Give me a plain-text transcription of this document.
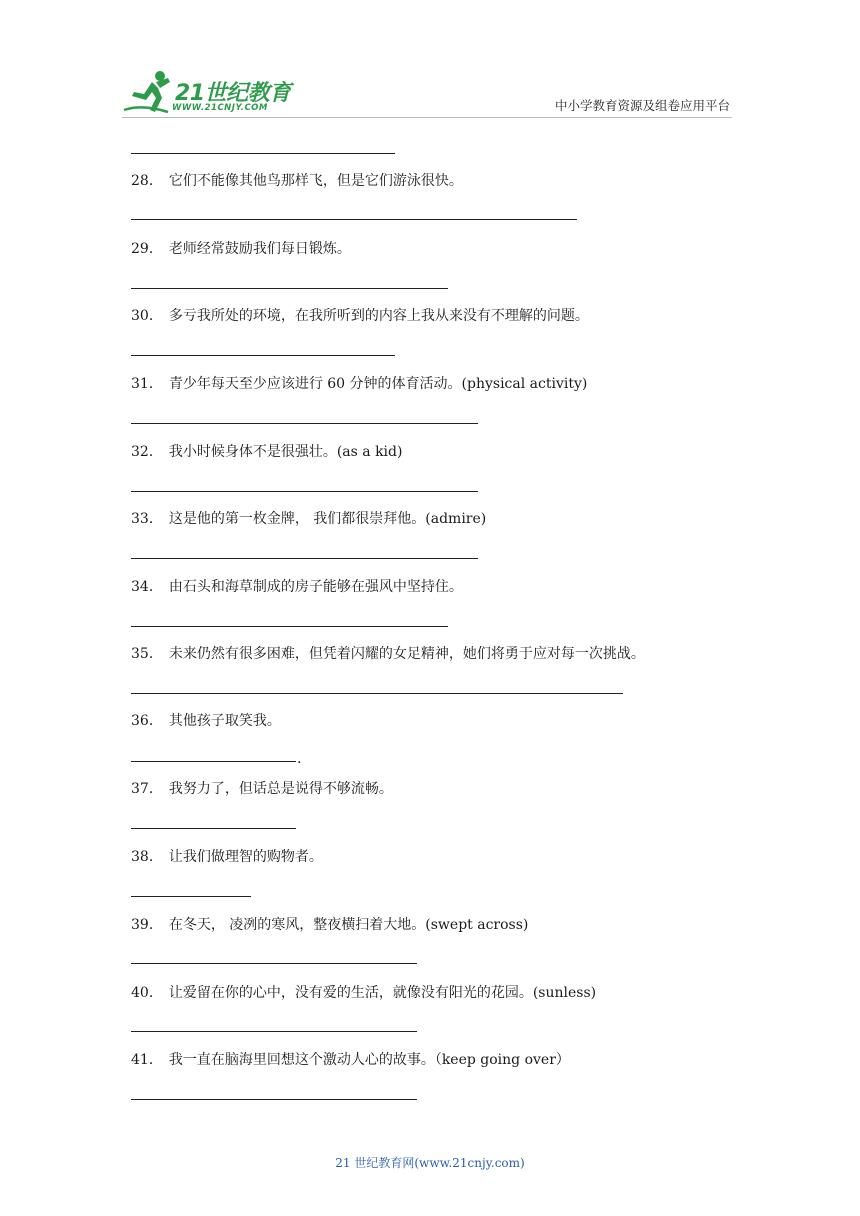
21世纪教育
WWW.21CNJY.COM	中小学教育资源及组卷应用平台
28． 它们不能像其他鸟那样飞，但是它们游泳很快。
29． 老师经常鼓励我们每日锻炼。
30． 多亏我所处的环境，在我所听到的内容上我从来没有不理解的问题。
31． 青少年每天至少应该进行 60 分钟的体育活动。(physical activity)
32． 我小时候身体不是很强壮。(as a kid)
33． 这是他的第一枚金牌， 我们都很崇拜他。(admire)
34． 由石头和海草制成的房子能够在强风中坚持住。
35． 未来仍然有很多困难，但凭着闪耀的女足精神，她们将勇于应对每一次挑战。
36． 其他孩子取笑我。
.
37． 我努力了，但话总是说得不够流畅。
38． 让我们做理智的购物者。
39． 在冬天， 凌冽的寒风，整夜横扫着大地。(swept across)
40． 让爱留在你的心中，没有爱的生活，就像没有阳光的花园。(sunless)
41． 我一直在脑海里回想这个激动人心的故事。（keep going over）
21 世纪教育网(www.21cnjy.com)
